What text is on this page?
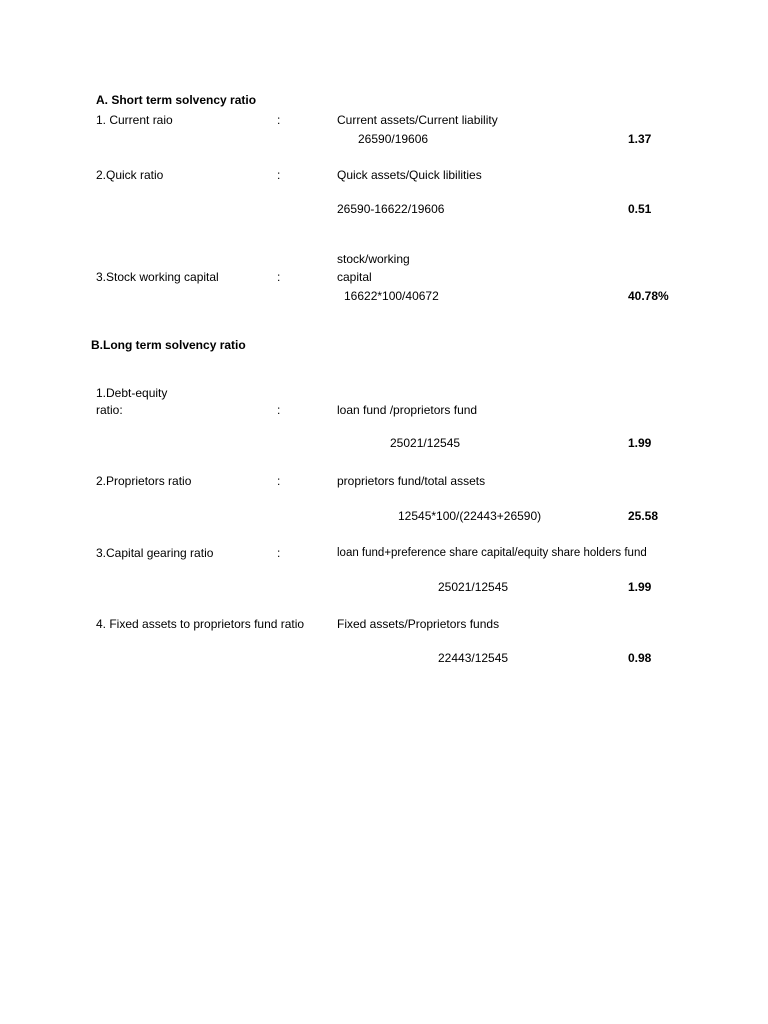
A. Short term solvency ratio
1. Current raio	:	Current assets/Current liability
26590/19606	1.37
2.Quick ratio	:	Quick assets/Quick libilities
26590-16622/19606	0.51
stock/working
3.Stock working capital	:	capital
16622*100/40672	40.78%
B.Long term solvency ratio
1.Debt-equity
ratio:	:	loan fund /proprietors fund
25021/12545	1.99
2.Proprietors ratio	:	proprietors fund/total assets
12545*100/(22443+26590)	25.58
3.Capital gearing ratio	:	loan fund+preference share capital/equity share holders fund
25021/12545	1.99
4. Fixed assets to proprietors fund ratio	Fixed assets/Proprietors funds
22443/12545	0.98
